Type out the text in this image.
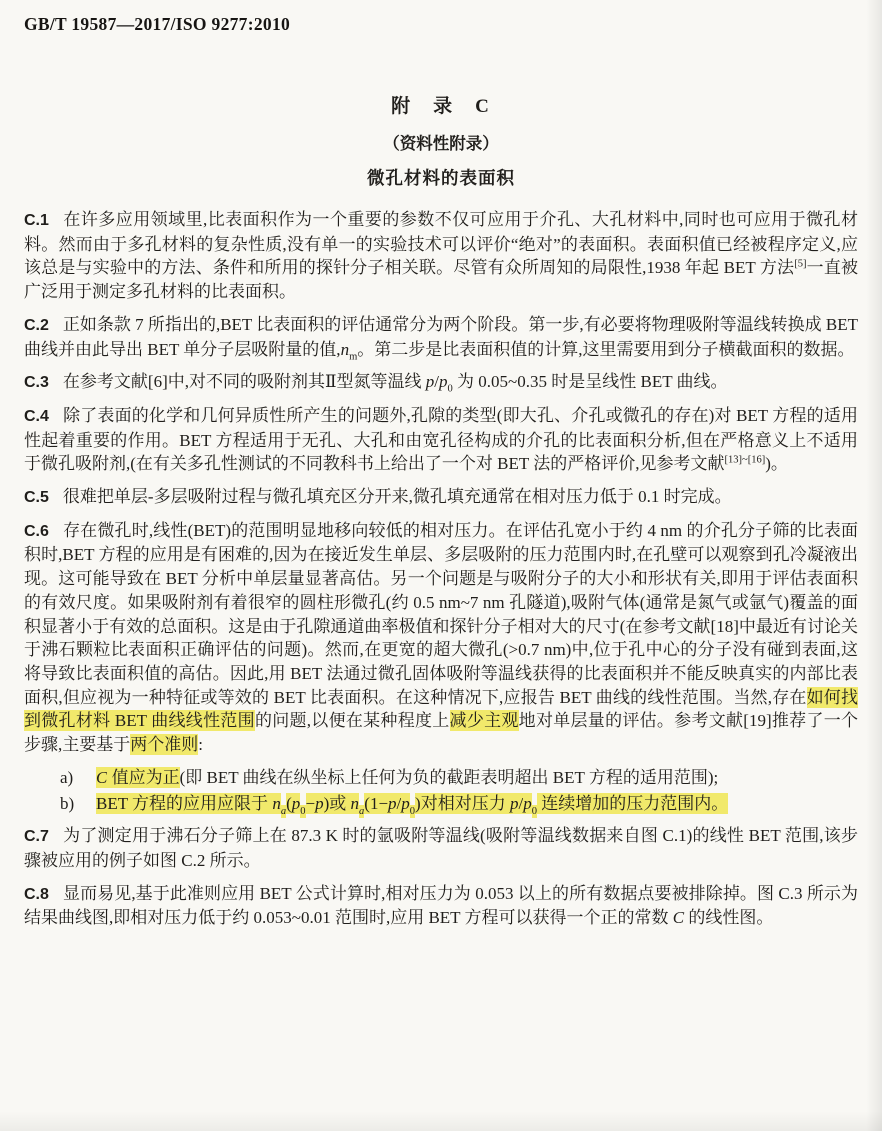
GB/T 19587—2017/ISO 9277:2010
附　录　C
（资料性附录）
微孔材料的表面积

C.1 在许多应用领域里,比表面积作为一个重要的参数不仅可应用于介孔、大孔材料中,同时也可应用于微孔材料。然而由于多孔材料的复杂性质,没有单一的实验技术可以评价“绝对”的表面积。表面积值已经被程序定义,应该总是与实验中的方法、条件和所用的探针分子相关联。尽管有众所周知的局限性,1938 年起 BET 方法[5]一直被广泛用于测定多孔材料的比表面积。

C.2 正如条款 7 所指出的,BET 比表面积的评估通常分为两个阶段。第一步,有必要将物理吸附等温线转换成 BET 曲线并由此导出 BET 单分子层吸附量的值$,n_m$。第二步是比表面积值的计算,这里需要用到分子横截面积的数据。

C.3 在参考文献[6]中,对不同的吸附剂其Ⅱ型氮等温线 $p/p_0$ 为 0.05~0.35 时是呈线性 BET 曲线。

C.4 除了表面的化学和几何异质性所产生的问题外,孔隙的类型(即大孔、介孔或微孔的存在)对 BET 方程的适用性起着重要的作用。BET 方程适用于无孔、大孔和由宽孔径构成的介孔的比表面积分析,但在严格意义上不适用于微孔吸附剂,(在有关多孔性测试的不同教科书上给出了一个对 BET 法的严格评价,见参考文献[13]~[16])。

C.5 很难把单层-多层吸附过程与微孔填充区分开来,微孔填充通常在相对压力低于 0.1 时完成。

C.6 存在微孔时,线性(BET)的范围明显地移向较低的相对压力。在评估孔宽小于约 4 nm 的介孔分子筛的比表面积时,BET 方程的应用是有困难的,因为在接近发生单层、多层吸附的压力范围内时,在孔壁可以观察到孔冷凝液出现。这可能导致在 BET 分析中单层量显著高估。另一个问题是与吸附分子的大小和形状有关,即用于评估表面积的有效尺度。如果吸附剂有着很窄的圆柱形微孔(约 0.5 nm~7 nm 孔隧道),吸附气体(通常是氮气或氩气)覆盖的面积显著小于有效的总面积。这是由于孔隙通道曲率极值和探针分子相对大的尺寸(在参考文献[18]中最近有讨论关于沸石颗粒比表面积正确评估的问题)。然而,在更宽的超大微孔(>0.7 nm)中,位于孔中心的分子没有碰到表面,这将导致比表面积值的高估。因此,用 BET 法通过微孔固体吸附等温线获得的比表面积并不能反映真实的内部比表面积,但应视为一种特征或等效的 BET 比表面积。在这种情况下,应报告 BET 曲线的线性范围。当然,存在如何找到微孔材料 BET 曲线线性范围的问题,以便在某种程度上减少主观地对单层量的评估。参考文献[19]推荐了一个步骤,主要基于两个准则:

a)	C 值应为正(即 BET 曲线在纵坐标上任何为负的截距表明超出 BET 方程的适用范围);
b)	BET 方程的应用应限于 $n_a(p_0-p)$或 $n_a(1-p/p_0)$对相对压力 $p/p_0$ 连续增加的压力范围内。

C.7 为了测定用于沸石分子筛上在 87.3 K 时的氩吸附等温线(吸附等温线数据来自图 C.1)的线性 BET 范围,该步骤被应用的例子如图 C.2 所示。

C.8 显而易见,基于此准则应用 BET 公式计算时,相对压力为 0.053 以上的所有数据点要被排除掉。图 C.3 所示为结果曲线图,即相对压力低于约 0.053~0.01 范围时,应用 BET 方程可以获得一个正的常数 C 的线性图。
